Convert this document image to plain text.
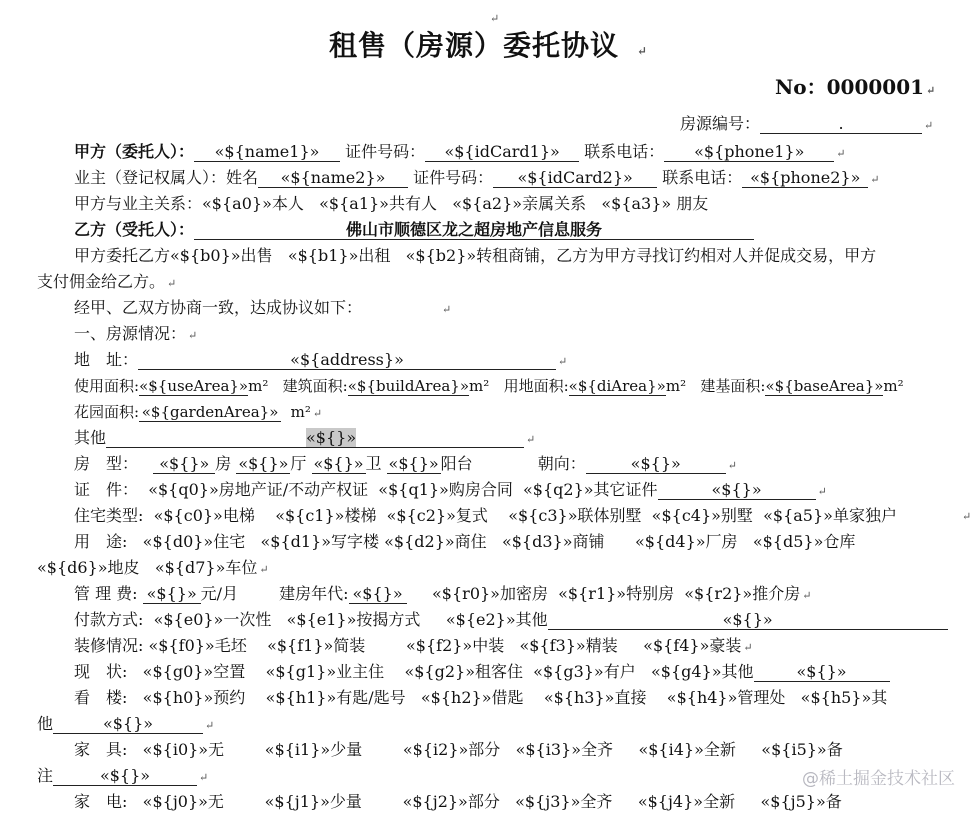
↵
租售（房源）委托协议 ↵
No：0000001 ↵
房源编号：	.	↵
甲方（委托人）： «${name1}» 证件号码： «${idCard1}» 联系电话： «${phone1}»	↵
业主（登记权属人）：姓名 «${name2}» 证件号码： «${idCard2}» 联系电话： «${phone2}» ↵
甲方与业主关系：«${a0}»本人 «${a1}»共有人 «${a2}»亲属关系 «${a3}» 朋友
乙方（受托人）：	佛山市顺德区龙之超房地产信息服务
甲方委托乙方«${b0}»出售 «${b1}»出租 «${b2}»转租商铺，乙方为甲方寻找订约相对人并促成交易，甲方
支付佣金给乙方。 ↵
经甲、乙双方协商一致，达成协议如下：	↵
一、房源情况： ↵
地　址：	«${address}»	↵
使用面积:«${useArea}»m² 建筑面积:«${buildArea}»m² 用地面积:«${diArea}»m² 建基面积:«${baseArea}»m²
花园面积: «${gardenArea}» m² ↵
其他	«${}»	↵
房　型： «${}» 房 «${}» 厅 «${}» 卫 «${}» 阳台	朝向：	«${}»	↵
证　件： «${q0}»房地产证/不动产权证 «${q1}»购房合同 «${q2}»其它证件	«${}»	↵
住宅类型: «${c0}»电梯 «${c1}»楼梯 «${c2}»复式 «${c3}»联体别墅 «${c4}»别墅 «${a5}»单家独户	↵
用　途: «${d0}»住宅 «${d1}»写字楼 «${d2}»商住 «${d3}»商铺 «${d4}»厂房 «${d5}»仓库
«${d6}»地皮 «${d7}»车位 ↵
管 理 费: «${}» 元/月	建房年代: «${}» «${r0}»加密房 «${r1}»特别房 «${r2}»推介房 ↵
付款方式: «${e0}»一次性 «${e1}»按揭方式 «${e2}»其他	«${}»
装修情况: «${f0}»毛坯 «${f1}»简装	«${f2}»中装 «${f3}»精装 «${f4}»豪装 ↵
现　状: «${g0}»空置 «${g1}»业主住 «${g2}»租客住 «${g3}»有户 «${g4}»其他	«${}»
看　楼: «${h0}»预约 «${h1}»有匙/匙号 «${h2}»借匙 «${h3}»直接 «${h4}»管理处 «${h5}»其
他	«${}»	↵
家　具: «${i0}»无	«${i1}»少量	«${i2}»部分 «${i3}»全齐 «${i4}»全新 «${i5}»备
注	«${}»	↵
家　电: «${j0}»无	«${j1}»少量	«${j2}»部分 «${j3}»全齐 «${j4}»全新 «${j5}»备
@稀土掘金技术社区
